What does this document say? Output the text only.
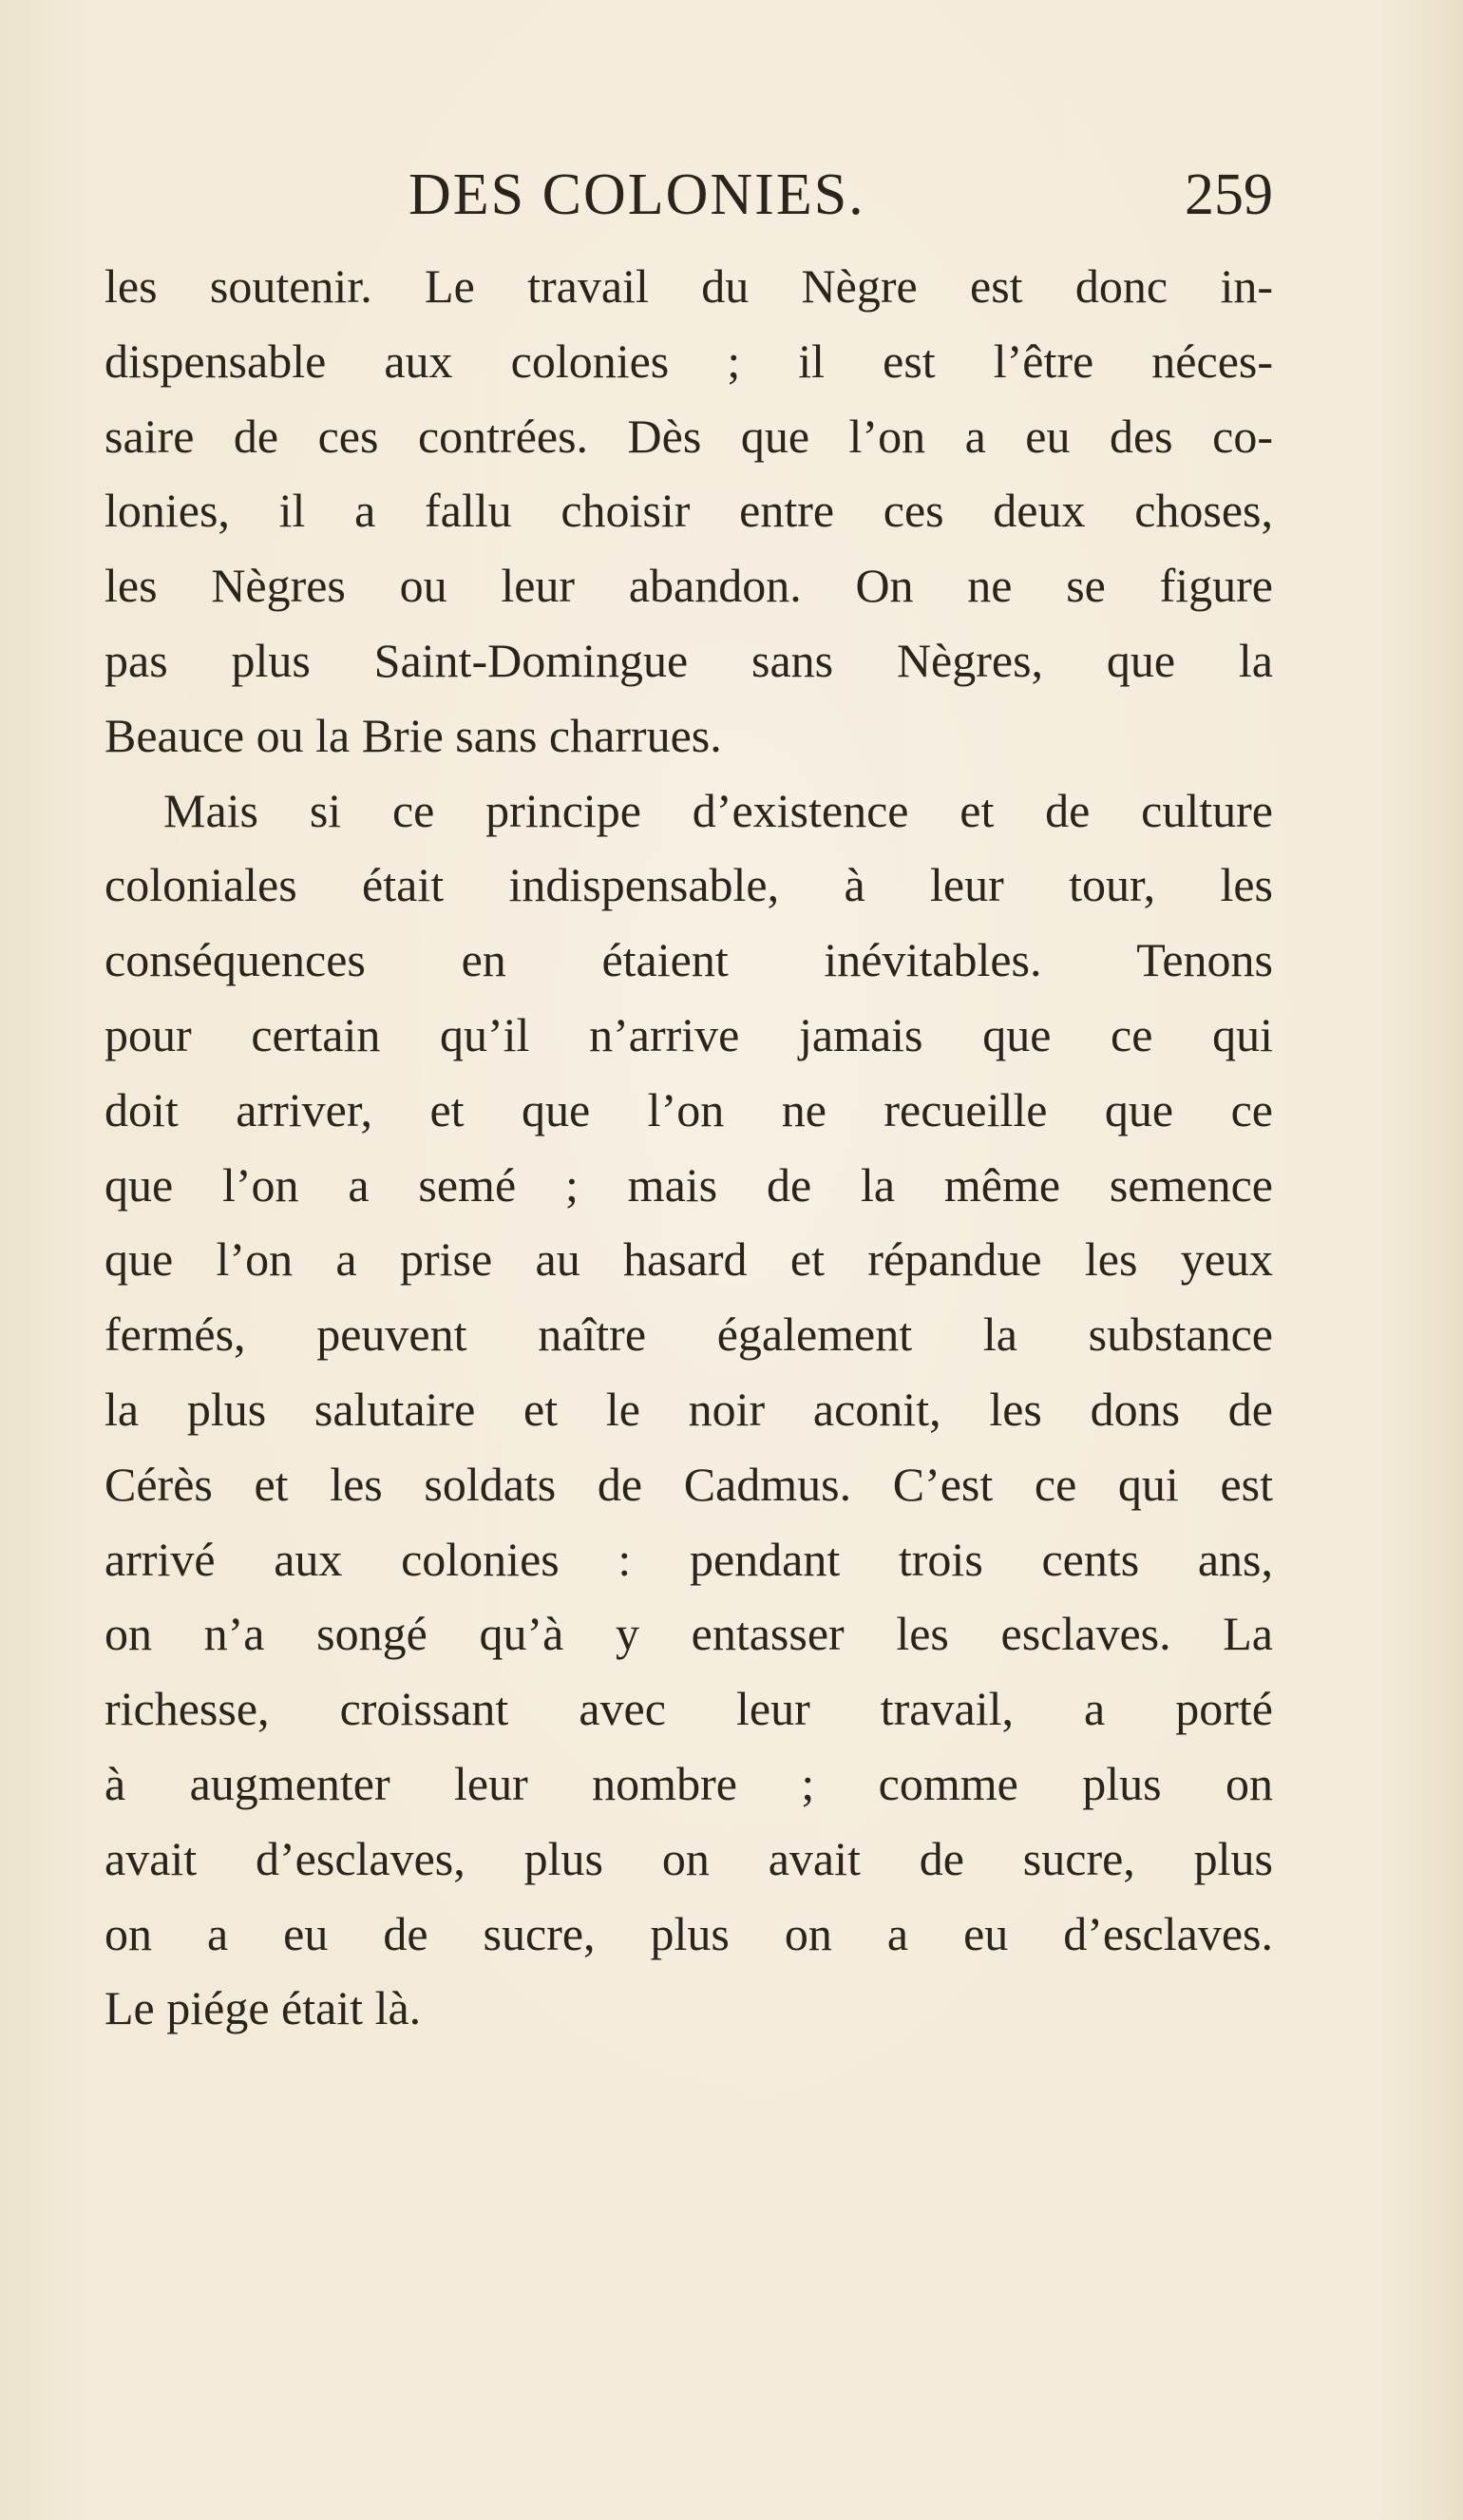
DES COLONIES.	259
les soutenir. Le travail du Nègre est donc in-
dispensable aux colonies ; il est l’être néces-
saire de ces contrées. Dès que l’on a eu des co-
lonies, il a fallu choisir entre ces deux choses,
les Nègres ou leur abandon. On ne se figure
pas plus Saint-Domingue sans Nègres, que la
Beauce ou la Brie sans charrues.
Mais si ce principe d’existence et de culture
coloniales était indispensable, à leur tour, les
conséquences en étaient inévitables. Tenons
pour certain qu’il n’arrive jamais que ce qui
doit arriver, et que l’on ne recueille que ce
que l’on a semé ; mais de la même semence
que l’on a prise au hasard et répandue les yeux
fermés, peuvent naître également la substance
la plus salutaire et le noir aconit, les dons de
Cérès et les soldats de Cadmus. C’est ce qui est
arrivé aux colonies : pendant trois cents ans,
on n’a songé qu’à y entasser les esclaves. La
richesse, croissant avec leur travail, a porté
à augmenter leur nombre ; comme plus on
avait d’esclaves, plus on avait de sucre, plus
on a eu de sucre, plus on a eu d’esclaves.
Le piége était là.
